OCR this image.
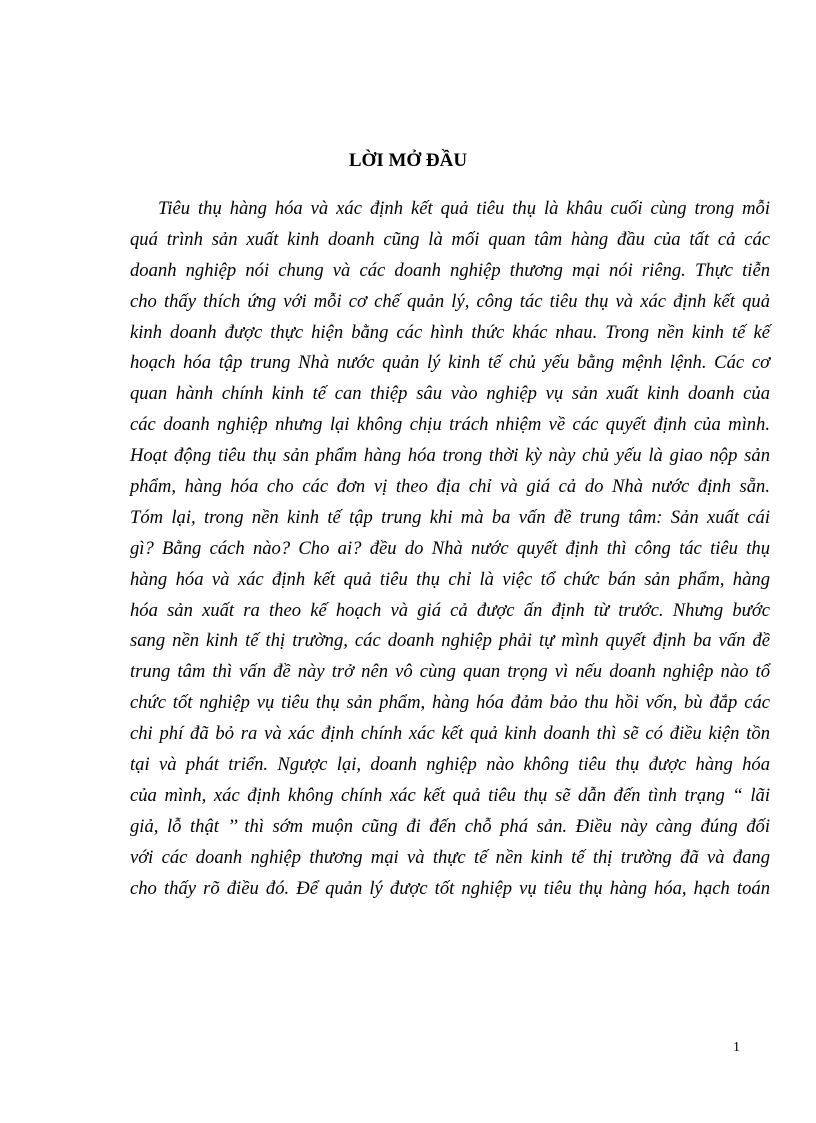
LỜI MỞ ĐẦU
Tiêu thụ hàng hóa và xác định kết quả tiêu thụ là khâu cuối cùng trong mỗi
quá trình sản xuất kinh doanh cũng là mối quan tâm hàng đầu của tất cả các
doanh nghiệp nói chung và các doanh nghiệp thương mại nói riêng. Thực tiễn
cho thấy thích ứng với mỗi cơ chế quản lý, công tác tiêu thụ và xác định kết quả
kinh doanh được thực hiện bằng các hình thức khác nhau. Trong nền kinh tế kế
hoạch hóa tập trung Nhà nước quản lý kinh tế chủ yếu bằng mệnh lệnh. Các cơ
quan hành chính kinh tế can thiệp sâu vào nghiệp vụ sản xuất kinh doanh của
các doanh nghiệp nhưng lại không chịu trách nhiệm về các quyết định của mình.
Hoạt động tiêu thụ sản phẩm hàng hóa trong thời kỳ này chủ yếu là giao nộp sản
phẩm, hàng hóa cho các đơn vị theo địa chỉ và giá cả do Nhà nước định sẵn.
Tóm lại, trong nền kinh tế tập trung khi mà ba vấn đề trung tâm: Sản xuất cái
gì? Bằng cách nào? Cho ai? đều do Nhà nước quyết định thì công tác tiêu thụ
hàng hóa và xác định kết quả tiêu thụ chỉ là việc tổ chức bán sản phẩm, hàng
hóa sản xuất ra theo kế hoạch và giá cả được ấn định từ trước. Nhưng bước
sang nền kinh tế thị trường, các doanh nghiệp phải tự mình quyết định ba vấn đề
trung tâm thì vấn đề này trở nên vô cùng quan trọng vì nếu doanh nghiệp nào tổ
chức tốt nghiệp vụ tiêu thụ sản phẩm, hàng hóa đảm bảo thu hồi vốn, bù đắp các
chi phí đã bỏ ra và xác định chính xác kết quả kinh doanh thì sẽ có điều kiện tồn
tại và phát triển. Ngược lại, doanh nghiệp nào không tiêu thụ được hàng hóa
của mình, xác định không chính xác kết quả tiêu thụ sẽ dẫn đến tình trạng “ lãi
giả, lỗ thật ’’ thì sớm muộn cũng đi đến chỗ phá sản. Điều này càng đúng đối
với các doanh nghiệp thương mại và thực tế nền kinh tế thị trường đã và đang
cho thấy rõ điều đó. Để quản lý được tốt nghiệp vụ tiêu thụ hàng hóa, hạch toán
1
